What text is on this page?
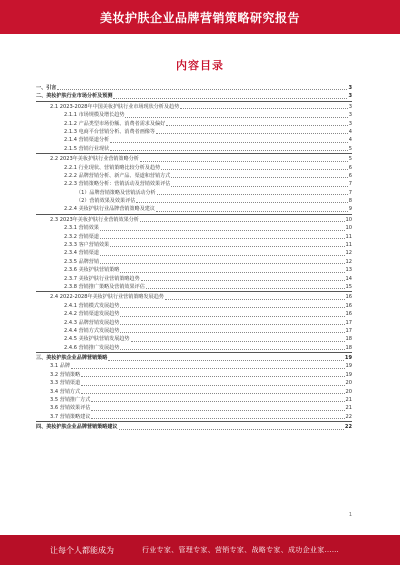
美妆护肤企业品牌营销策略研究报告
内容目录
一、引言	3
二、美妆护肤行业市场分析及预测	3
2.1 2023-2028年中国美妆护肤行业市场现状分析及趋势	3
2.1.1 市场规模及增长趋势	3
2.1.2 产品类型市场份额、消费者需求及偏好	3
2.1.3 电商平台营销分析、消费者画像等	4
2.1.4 营销渠道分析	4
2.1.5 营销行业现状	5
2.2 2023年美妆护肤行业营销策略分析	5
2.2.1 行业现状、营销策略比较分析及趋势	6
2.2.2 品牌营销分析、新产品、渠道和营销方式	6
2.2.3 营销策略分析：营销活动及营销效果评估	7
（1）品牌营销策略及营销活动分析	7
（2）营销效果及效果评估	8
2.2.4 美妆护肤行业品牌营销策略及建议	9
2.3 2023年美妆护肤行业营销效果分析	10
2.3.1 营销效果	10
2.3.2 营销渠道	11
2.3.3 客户营销效果	11
2.3.4 营销渠道	12
2.3.5 品牌营销	12
2.3.6 美妆护肤营销策略	13
2.3.7 美妆护肤行业营销策略趋势	14
2.3.8 营销推广策略及营销效果评估	15
2.4 2022-2028年美妆护肤行业营销策略发展趋势	16
2.4.1 营销模式发展趋势	16
2.4.2 营销渠道发展趋势	16
2.4.3 品牌营销发展趋势	17
2.4.4 营销方式发展趋势	17
2.4.5 美妆护肤营销发展趋势	18
2.4.6 营销推广发展趋势	18
三、美妆护肤企业品牌营销策略	19
3.1 品牌	19
3.2 营销策略	19
3.3 营销渠道	20
3.4 营销方式	20
3.5 营销推广方式	21
3.6 营销效果评估	21
3.7 营销策略建议	22
四、美妆护肤企业品牌营销策略建议	22
1
让每个人都能成为	行业专家、管理专家、营销专家、战略专家、成功企业家……
